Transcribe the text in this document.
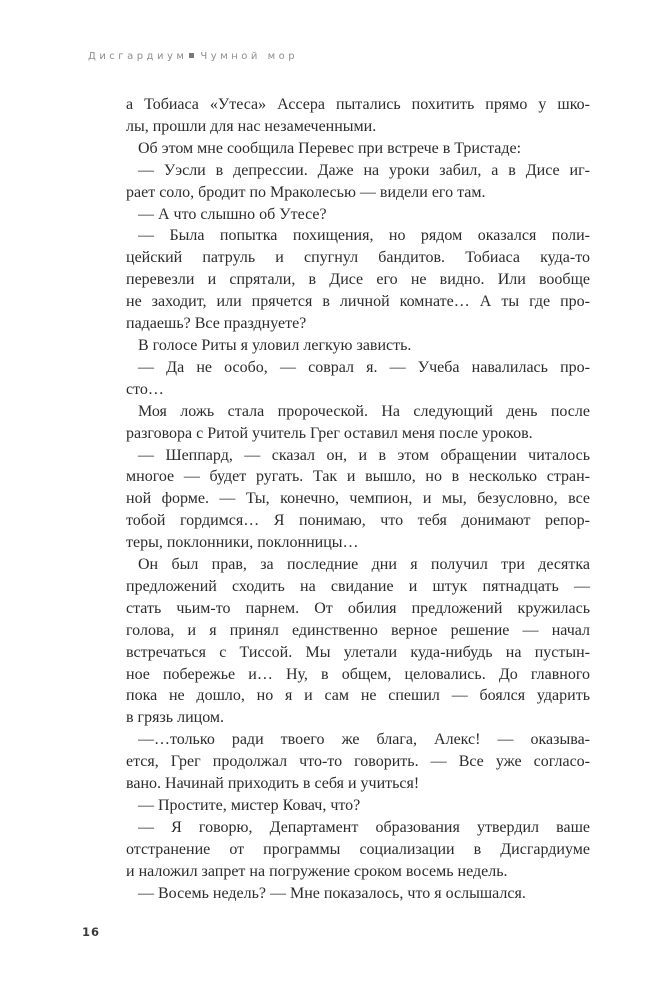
Дисгардиум Чумной мор
а Тобиаса «Утеса» Ассера пытались похитить прямо у шко-
лы, прошли для нас незамеченными.
Об этом мне сообщила Перевес при встрече в Тристаде:
— Уэсли в депрессии. Даже на уроки забил, а в Дисе иг-
рает соло, бродит по Мраколесью — видели его там.
— А что слышно об Утесе?
— Была попытка похищения, но рядом оказался поли-
цейский патруль и спугнул бандитов. Тобиаса куда-то
перевезли и спрятали, в Дисе его не видно. Или вообще
не заходит, или прячется в личной комнате… А ты где про-
падаешь? Все празднуете?
В голосе Риты я уловил легкую зависть.
— Да не особо, — соврал я. — Учеба навалилась про-
сто…
Моя ложь стала пророческой. На следующий день после
разговора с Ритой учитель Грег оставил меня после уроков.
— Шеппард, — сказал он, и в этом обращении читалось
многое — будет ругать. Так и вышло, но в несколько стран-
ной форме. — Ты, конечно, чемпион, и мы, безусловно, все
тобой гордимся… Я понимаю, что тебя донимают репор-
теры, поклонники, поклонницы…
Он был прав, за последние дни я получил три десятка
предложений сходить на свидание и штук пятнадцать —
стать чьим-то парнем. От обилия предложений кружилась
голова, и я принял единственно верное решение — начал
встречаться с Тиссой. Мы улетали куда-нибудь на пустын-
ное побережье и… Ну, в общем, целовались. До главного
пока не дошло, но я и сам не спешил — боялся ударить
в грязь лицом.
—…только ради твоего же блага, Алекс! — оказыва-
ется, Грег продолжал что-то говорить. — Все уже согласо-
вано. Начинай приходить в себя и учиться!
— Простите, мистер Ковач, что?
— Я говорю, Департамент образования утвердил ваше
отстранение от программы социализации в Дисгардиуме
и наложил запрет на погружение сроком восемь недель.
— Восемь недель? — Мне показалось, что я ослышался.
16
